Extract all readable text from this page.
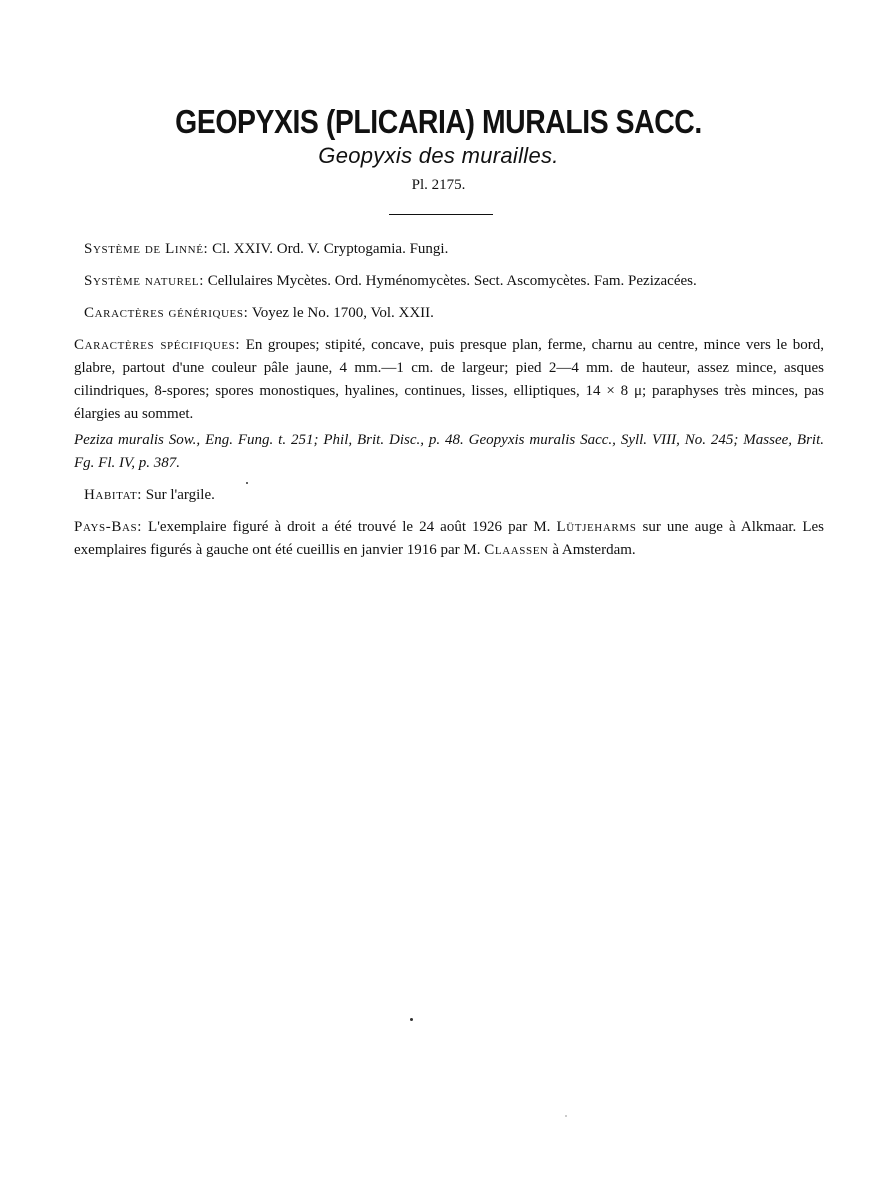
GEOPYXIS (PLICARIA) MURALIS SACC.
Geopyxis des murailles.
Pl. 2175.

Système de Linné: Cl. XXIV. Ord. V. Cryptogamia. Fungi.

Système naturel: Cellulaires Mycètes. Ord. Hyménomycètes. Sect. Ascomycètes. Fam. Pezizacées.

Caractères génériques: Voyez le No. 1700, Vol. XXII.

Caractères spécifiques: En groupes; stipité, concave, puis presque plan, ferme, charnu au centre, mince vers le bord, glabre, partout d'une couleur pâle jaune, 4 mm.—1 cm. de largeur; pied 2—4 mm. de hauteur, assez mince, asques cilindriques, 8-spores; spores monostiques, hyalines, continues, lisses, elliptiques, 14 × 8 μ; paraphyses très minces, pas élargies au sommet.

Peziza muralis Sow., Eng. Fung. t. 251; Phil, Brit. Disc., p. 48. Geopyxis muralis Sacc., Syll. VIII, No. 245; Massee, Brit. Fg. Fl. IV, p. 387.

Habitat: Sur l'argile.

Pays-Bas: L'exemplaire figuré à droit a été trouvé le 24 août 1926 par M. Lütjeharms sur une auge à Alkmaar. Les exemplaires figurés à gauche ont été cueillis en janvier 1916 par M. Claassen à Amsterdam.
